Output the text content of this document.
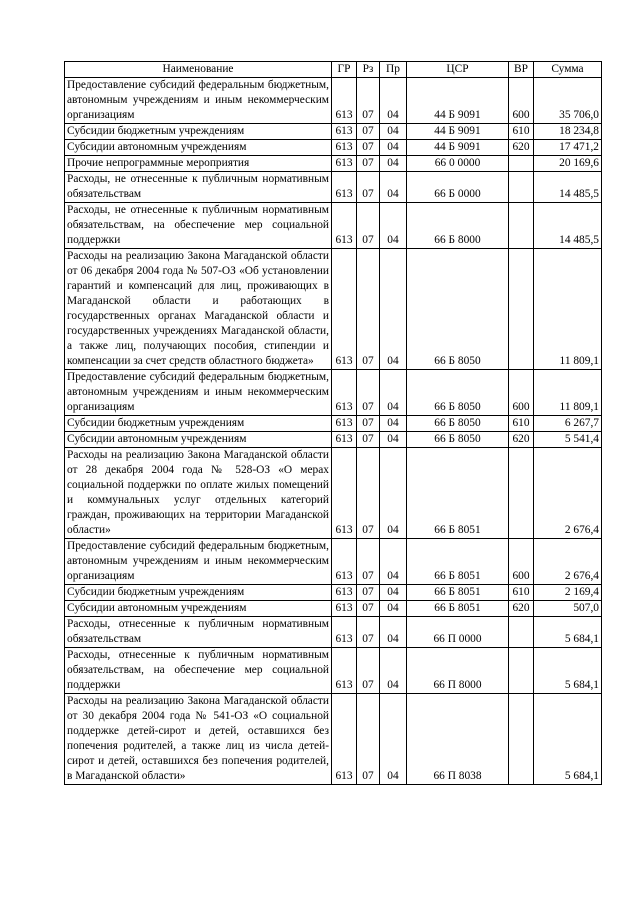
Наименование	ГР	Рз	Пр	ЦСР	ВР	Сумма
Предоставление субсидий федеральным бюджетным, автономным учреждениям и иным некоммерческим организациям	613	07	04	44 Б 9091	600	35 706,0
Субсидии бюджетным учреждениям	613	07	04	44 Б 9091	610	18 234,8
Субсидии автономным учреждениям	613	07	04	44 Б 9091	620	17 471,2
Прочие непрограммные мероприятия	613	07	04	66 0 0000		20 169,6
Расходы, не отнесенные к публичным нормативным обязательствам	613	07	04	66 Б 0000		14 485,5
Расходы, не отнесенные к публичным нормативным обязательствам, на обеспечение мер социальной поддержки	613	07	04	66 Б 8000		14 485,5
Расходы на реализацию Закона Магаданской области от 06 декабря 2004 года № 507-ОЗ «Об установлении гарантий и компенсаций для лиц, проживающих в Магаданской области и работающих в государственных органах Магаданской области и государственных учреждениях Магаданской области, а также лиц, получающих пособия, стипендии и компенсации за счет средств областного бюджета»	613	07	04	66 Б 8050		11 809,1
Предоставление субсидий федеральным бюджетным, автономным учреждениям и иным некоммерческим организациям	613	07	04	66 Б 8050	600	11 809,1
Субсидии бюджетным учреждениям	613	07	04	66 Б 8050	610	6 267,7
Субсидии автономным учреждениям	613	07	04	66 Б 8050	620	5 541,4
Расходы на реализацию Закона Магаданской области от 28 декабря 2004 года № 528-ОЗ «О мерах социальной поддержки по оплате жилых помещений и коммунальных услуг отдельных категорий граждан, проживающих на территории Магаданской области»	613	07	04	66 Б 8051		2 676,4
Предоставление субсидий федеральным бюджетным, автономным учреждениям и иным некоммерческим организациям	613	07	04	66 Б 8051	600	2 676,4
Субсидии бюджетным учреждениям	613	07	04	66 Б 8051	610	2 169,4
Субсидии автономным учреждениям	613	07	04	66 Б 8051	620	507,0
Расходы, отнесенные к публичным нормативным обязательствам	613	07	04	66 П 0000		5 684,1
Расходы, отнесенные к публичным нормативным обязательствам, на обеспечение мер социальной поддержки	613	07	04	66 П 8000		5 684,1
Расходы на реализацию Закона Магаданской области от 30 декабря 2004 года № 541-ОЗ «О социальной поддержке детей-сирот и детей, оставшихся без попечения родителей, а также лиц из числа детей-сирот и детей, оставшихся без попечения родителей, в Магаданской области»	613	07	04	66 П 8038		5 684,1
